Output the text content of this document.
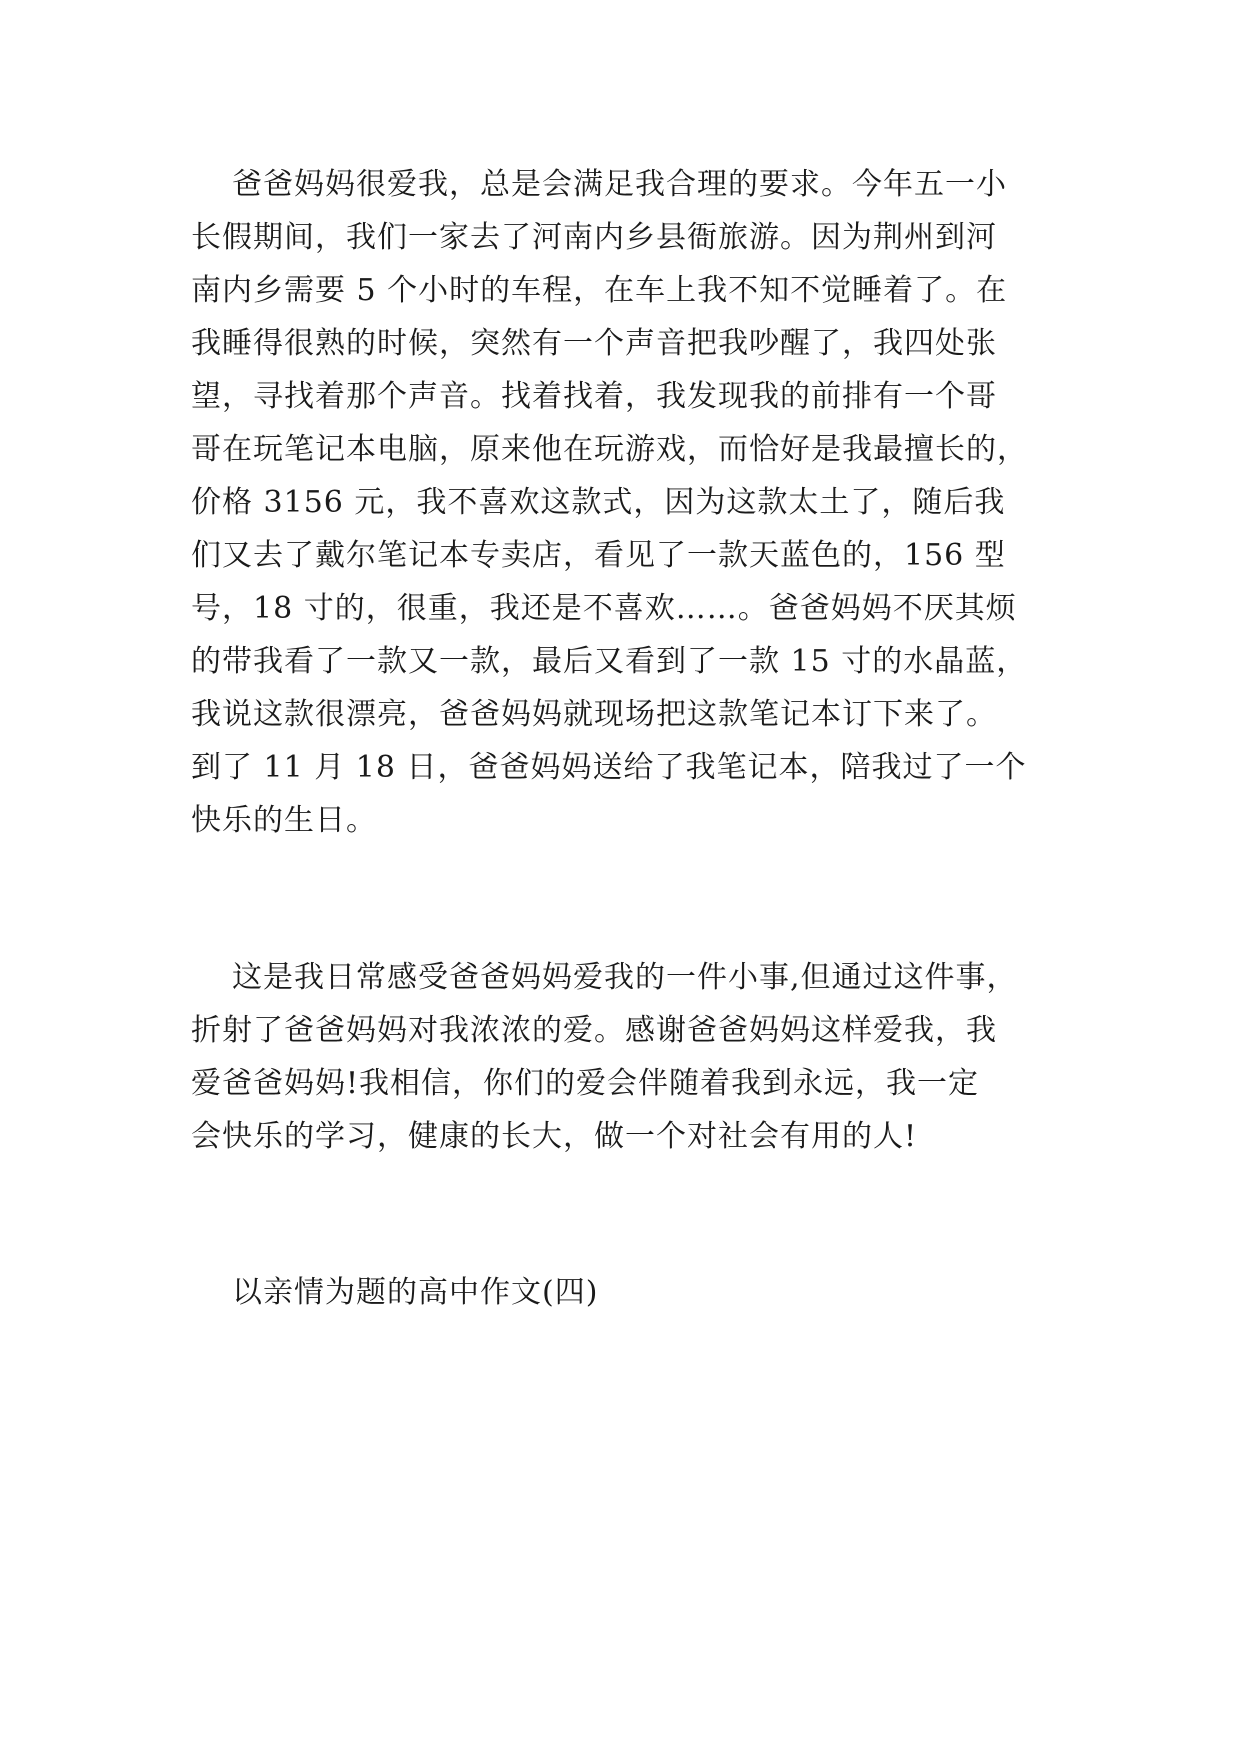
爸爸妈妈很爱我，总是会满足我合理的要求。今年五一小
长假期间，我们一家去了河南内乡县衙旅游。因为荆州到河
南内乡需要 5 个小时的车程，在车上我不知不觉睡着了。在
我睡得很熟的时候，突然有一个声音把我吵醒了，我四处张
望，寻找着那个声音。找着找着，我发现我的前排有一个哥
哥在玩笔记本电脑，原来他在玩游戏，而恰好是我最擅长的，
价格 3156 元，我不喜欢这款式，因为这款太土了，随后我
们又去了戴尔笔记本专卖店，看见了一款天蓝色的，156 型
号，18 寸的，很重，我还是不喜欢……。爸爸妈妈不厌其烦
的带我看了一款又一款，最后又看到了一款 15 寸的水晶蓝，
我说这款很漂亮，爸爸妈妈就现场把这款笔记本订下来了。
到了 11 月 18 日，爸爸妈妈送给了我笔记本，陪我过了一个
快乐的生日。
这是我日常感受爸爸妈妈爱我的一件小事,但通过这件事，
折射了爸爸妈妈对我浓浓的爱。感谢爸爸妈妈这样爱我，我
爱爸爸妈妈!我相信，你们的爱会伴随着我到永远，我一定
会快乐的学习，健康的长大，做一个对社会有用的人!
以亲情为题的高中作文(四)
